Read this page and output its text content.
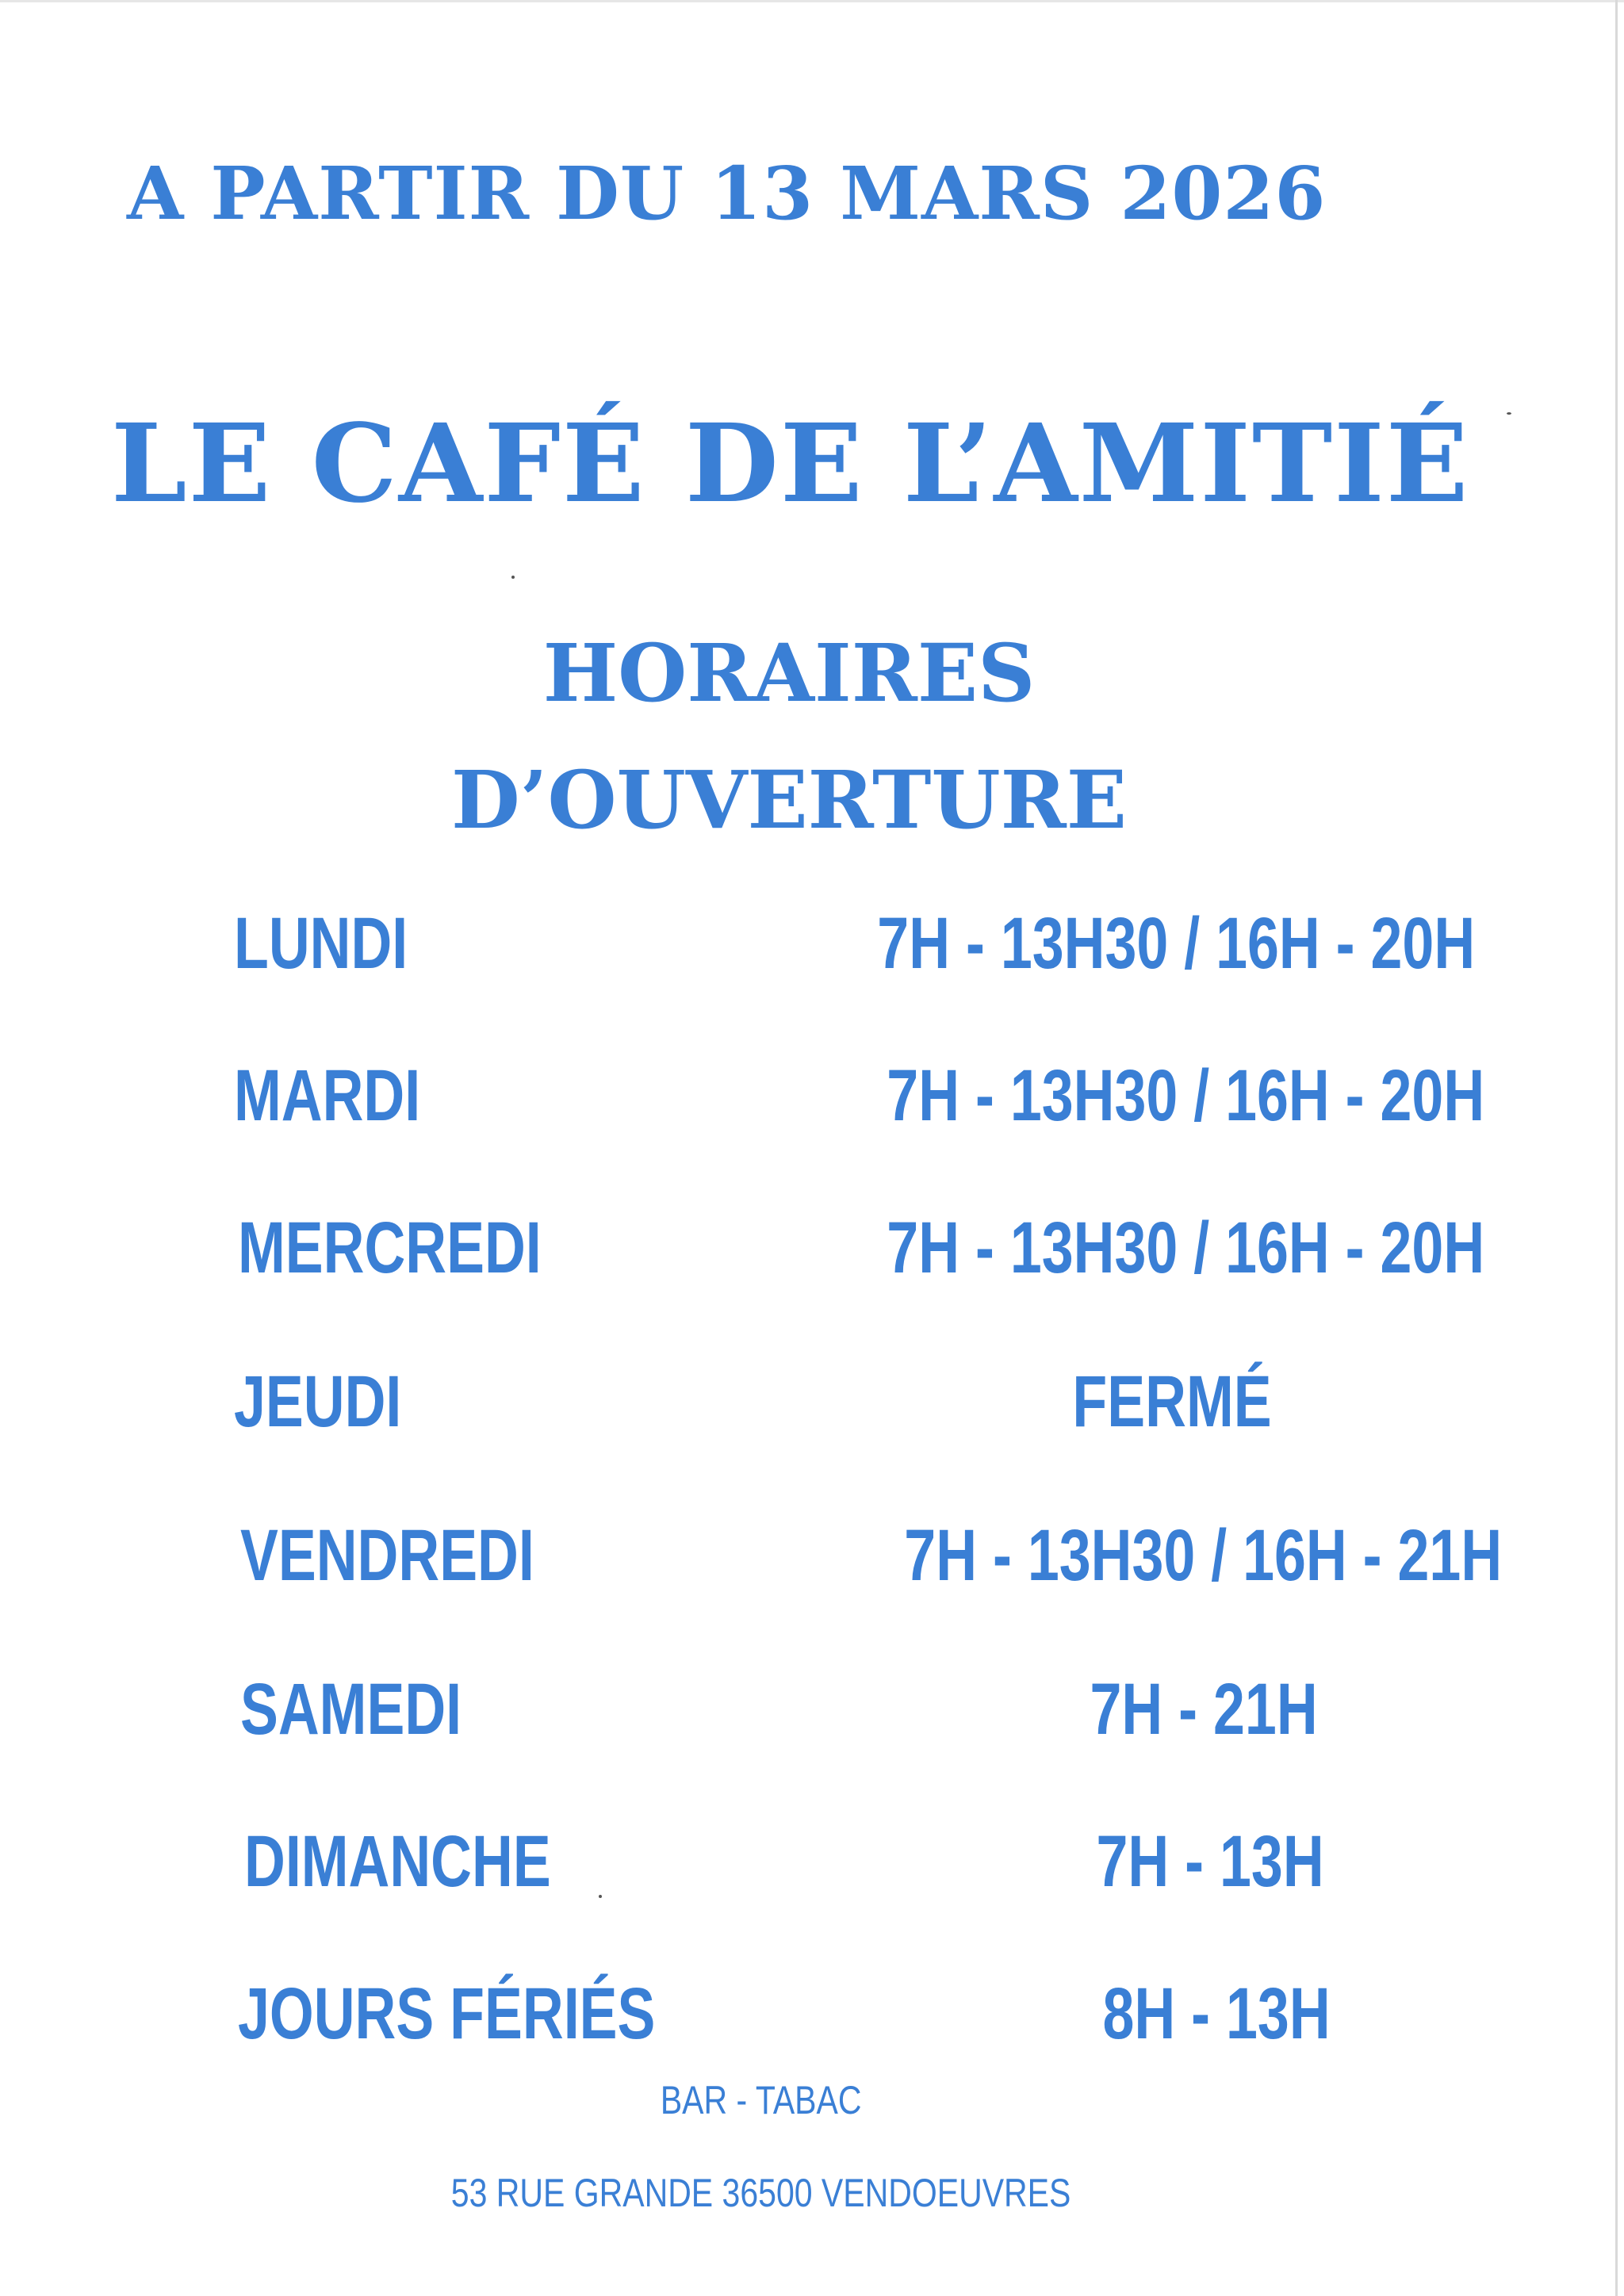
A PARTIR DU 13 MARS 2026
LE CAFÉ DE L’AMITIÉ
HORAIRES
D’OUVERTURE
LUNDI	7H - 13H30 / 16H - 20H
MARDI	7H - 13H30 / 16H - 20H
MERCREDI	7H - 13H30 / 16H - 20H
JEUDI	FERMÉ
VENDREDI	7H - 13H30 / 16H - 21H
SAMEDI	7H - 21H
DIMANCHE	7H - 13H
JOURS FÉRIÉS	8H - 13H
BAR - TABAC
53 RUE GRANDE 36500 VENDOEUVRES
